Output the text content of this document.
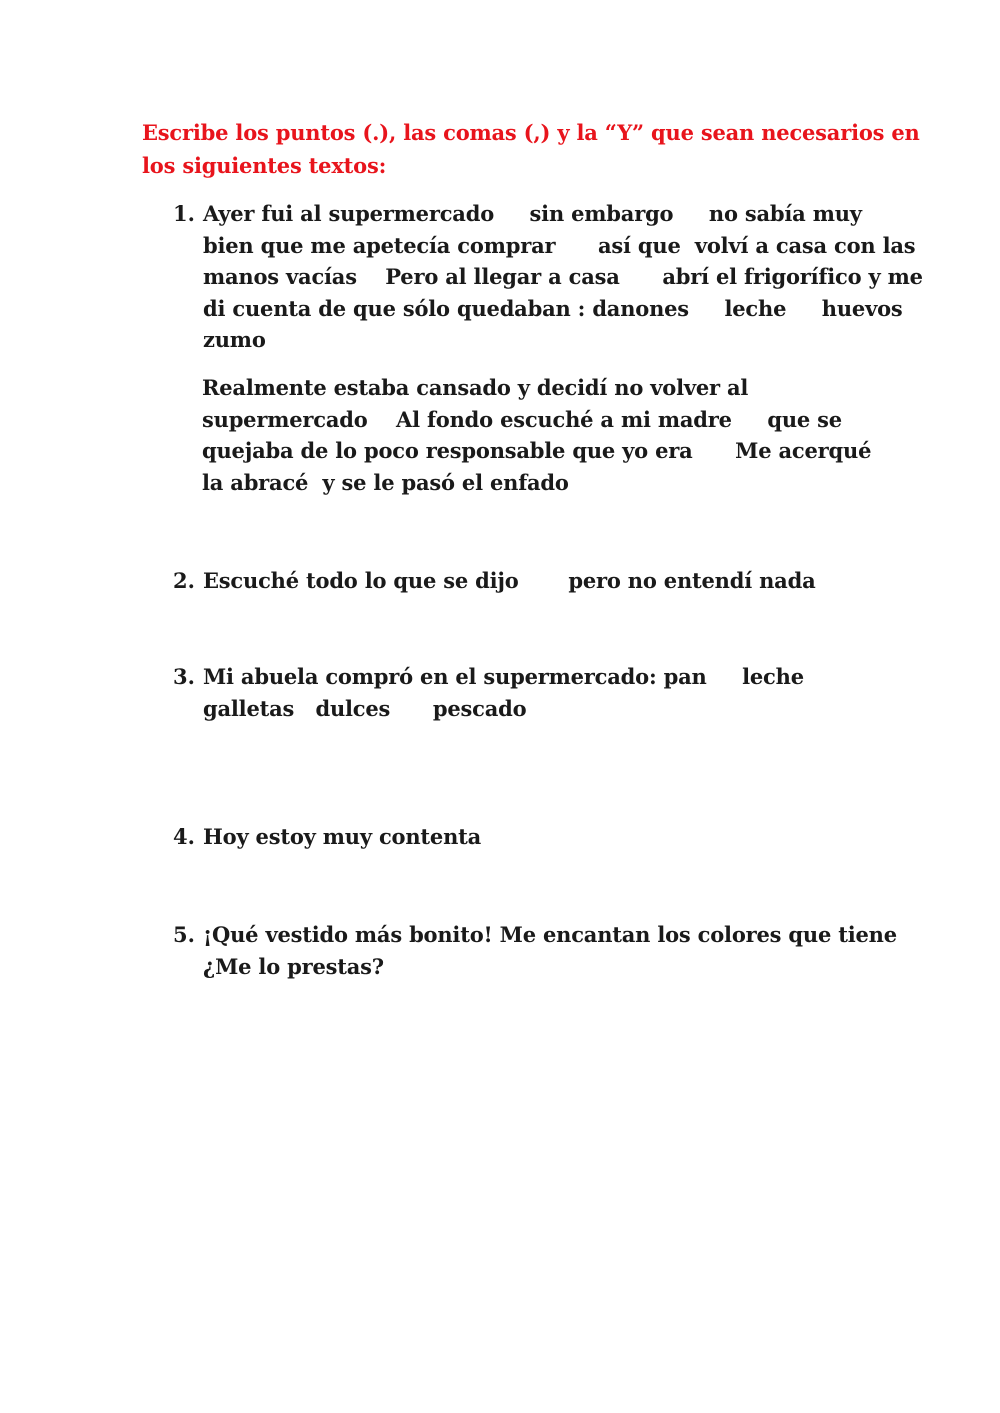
Escribe los puntos (.), las comas (,) y la “Y” que sean necesarios en
los siguientes textos:
1. Ayer fui al supermercado     sin embargo     no sabía muy
bien que me apetecía comprar      así que  volví a casa con las
manos vacías    Pero al llegar a casa      abrí el frigorífico y me
di cuenta de que sólo quedaban : danones     leche     huevos
zumo
Realmente estaba cansado y decidí no volver al
supermercado    Al fondo escuché a mi madre     que se
quejaba de lo poco responsable que yo era      Me acerqué
la abracé  y se le pasó el enfado
2. Escuché todo lo que se dijo       pero no entendí nada
3. Mi abuela compró en el supermercado: pan     leche
galletas   dulces      pescado
4. Hoy estoy muy contenta
5. ¡Qué vestido más bonito! Me encantan los colores que tiene
¿Me lo prestas?
